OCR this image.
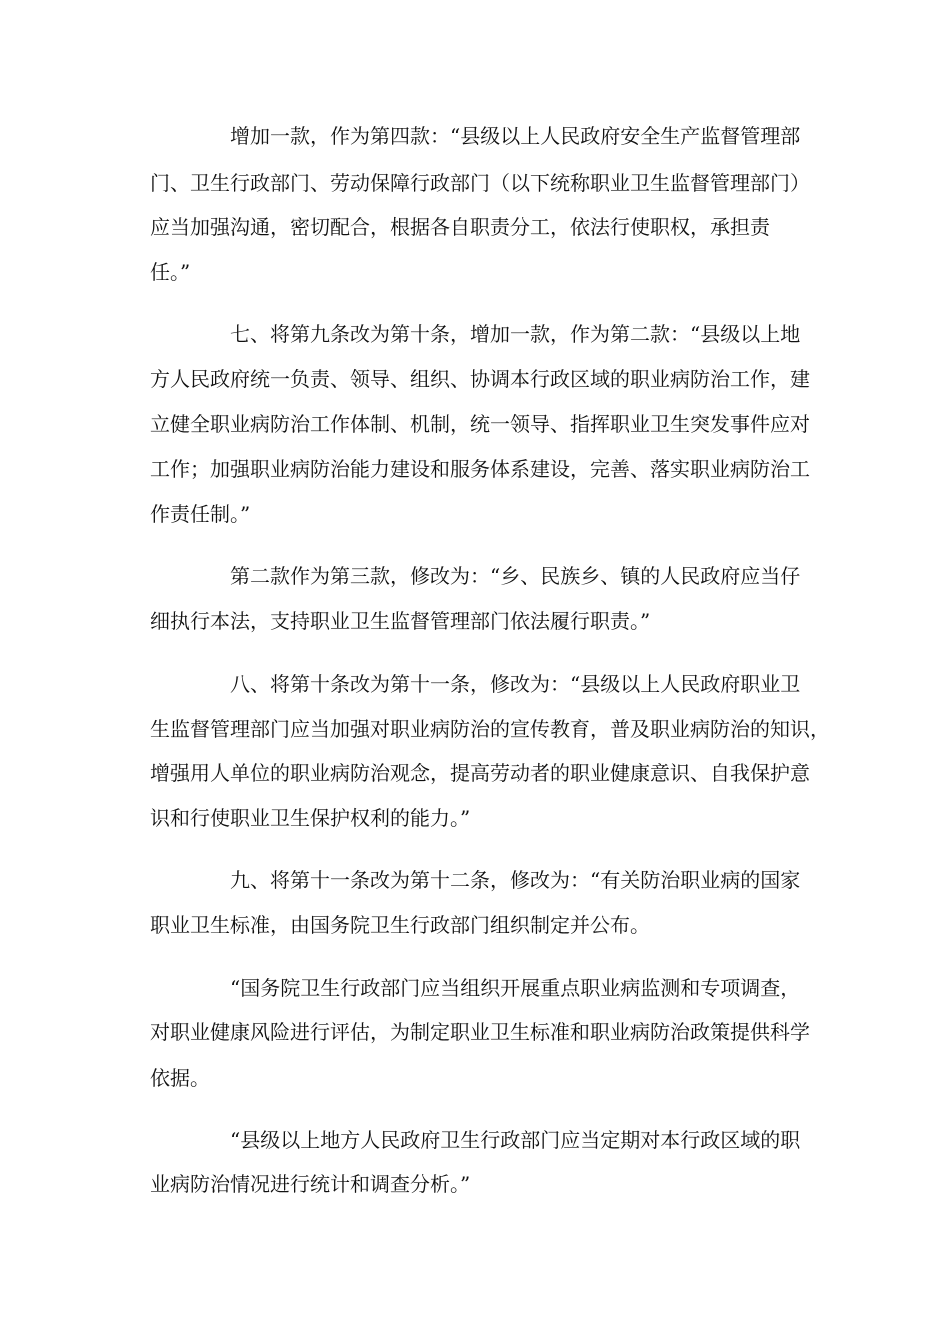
增加一款，作为第四款：“县级以上人民政府安全生产监督管理部

门、卫生行政部门、劳动保障行政部门（以下统称职业卫生监督管理部门）

应当加强沟通，密切配合，根据各自职责分工，依法行使职权，承担责

任。”

七、将第九条改为第十条，增加一款，作为第二款：“县级以上地

方人民政府统一负责、领导、组织、协调本行政区域的职业病防治工作，建

立健全职业病防治工作体制、机制，统一领导、指挥职业卫生突发事件应对

工作；加强职业病防治能力建设和服务体系建设，完善、落实职业病防治工

作责任制。”

第二款作为第三款，修改为：“乡、民族乡、镇的人民政府应当仔

细执行本法，支持职业卫生监督管理部门依法履行职责。”

八、将第十条改为第十一条，修改为：“县级以上人民政府职业卫

生监督管理部门应当加强对职业病防治的宣传教育，普及职业病防治的知识，

增强用人单位的职业病防治观念，提高劳动者的职业健康意识、自我保护意

识和行使职业卫生保护权利的能力。”

九、将第十一条改为第十二条，修改为：“有关防治职业病的国家

职业卫生标准，由国务院卫生行政部门组织制定并公布。

“国务院卫生行政部门应当组织开展重点职业病监测和专项调查，

对职业健康风险进行评估，为制定职业卫生标准和职业病防治政策提供科学

依据。

“县级以上地方人民政府卫生行政部门应当定期对本行政区域的职

业病防治情况进行统计和调查分析。”
